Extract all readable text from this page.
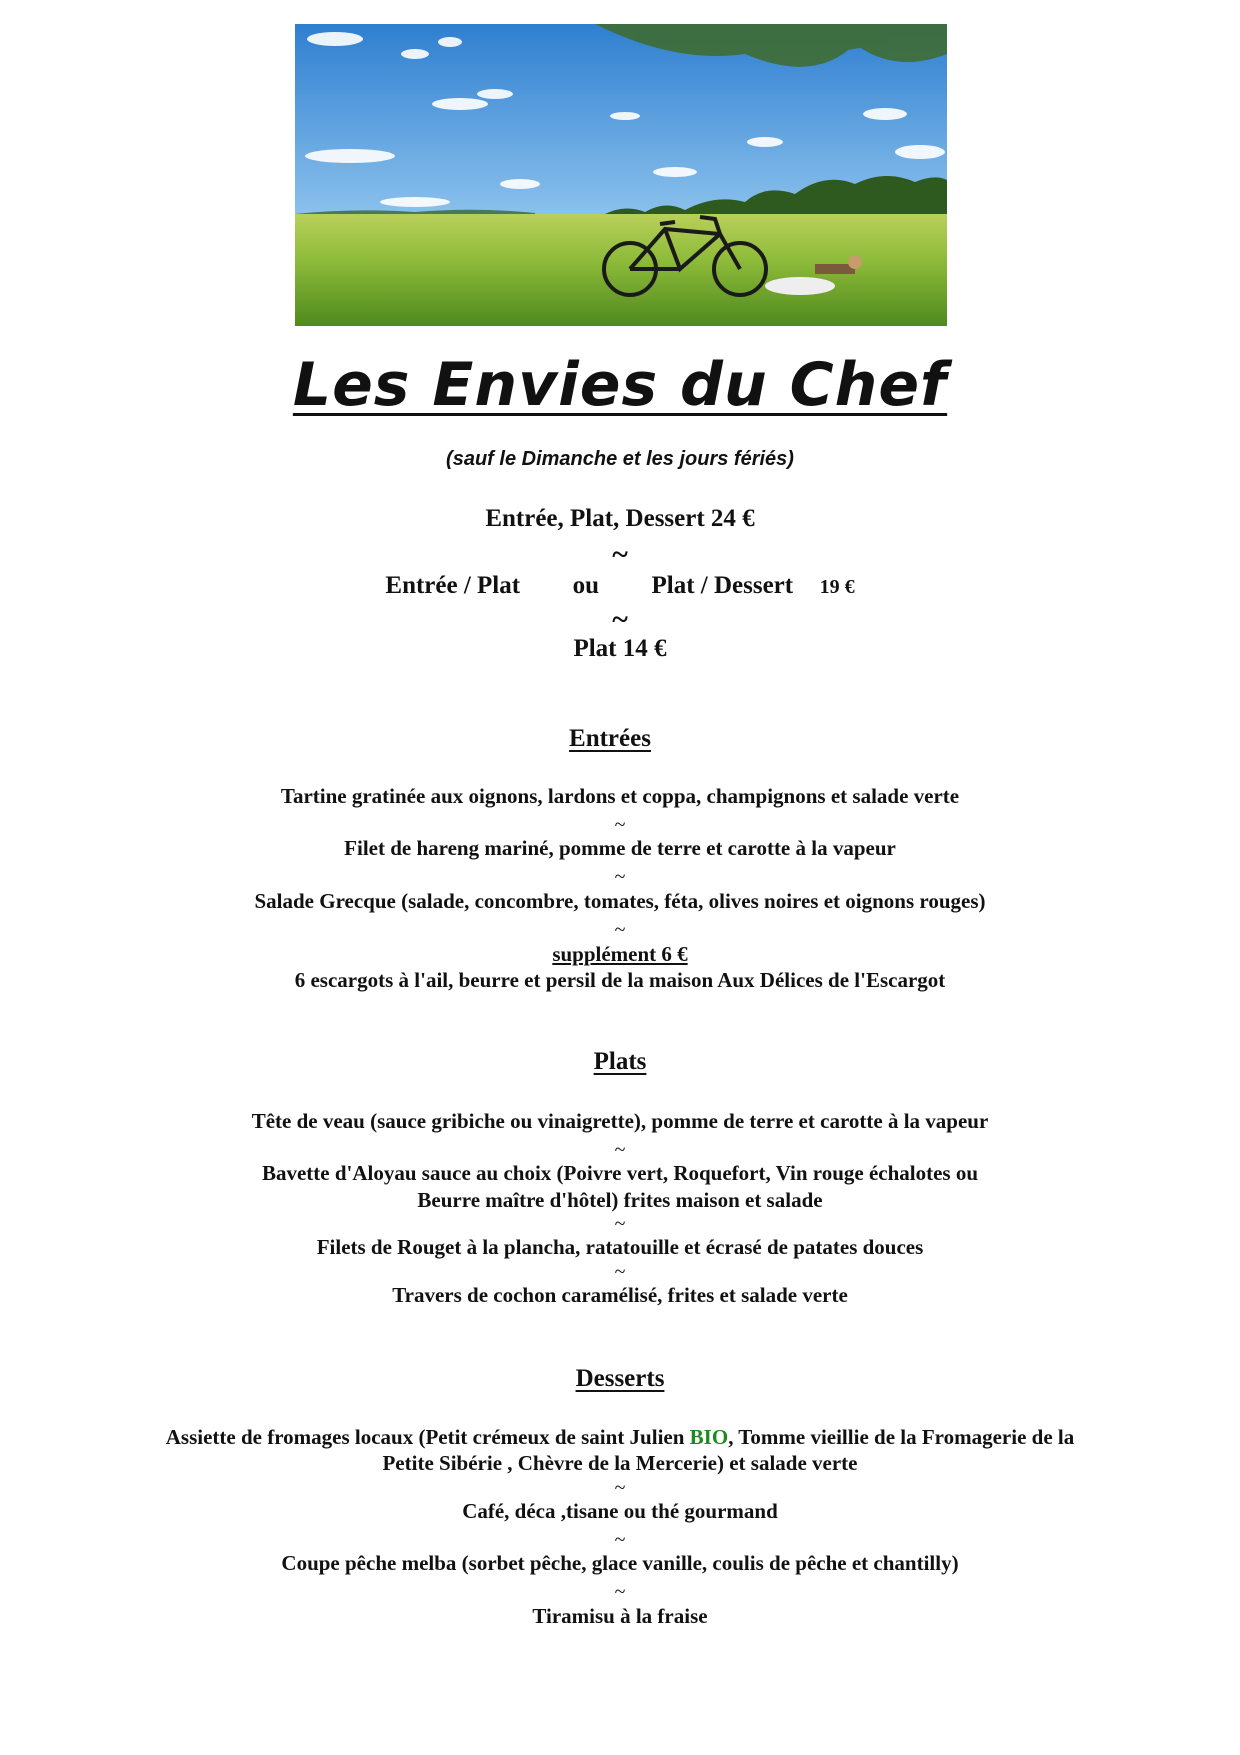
Les Envies du Chef
(sauf le Dimanche et les jours fériés)
Entrée, Plat, Dessert 24 €
~
Entrée / Plat ou Plat / Dessert 19 €
~
Plat 14 €
Entrées
Tartine gratinée aux oignons, lardons et coppa, champignons et salade verte
~
Filet de hareng mariné, pomme de terre et carotte à la vapeur
~
Salade Grecque (salade, concombre, tomates, féta, olives noires et oignons rouges)
~
supplément 6 €
6 escargots à l'ail, beurre et persil de la maison Aux Délices de l'Escargot
Plats
Tête de veau (sauce gribiche ou vinaigrette), pomme de terre et carotte à la vapeur
~
Bavette d'Aloyau sauce au choix (Poivre vert, Roquefort, Vin rouge échalotes ou
Beurre maître d'hôtel) frites maison et salade
~
Filets de Rouget à la plancha, ratatouille et écrasé de patates douces
~
Travers de cochon caramélisé, frites et salade verte
Desserts
Assiette de fromages locaux (Petit crémeux de saint Julien BIO, Tomme vieillie de la Fromagerie de la
Petite Sibérie , Chèvre de la Mercerie) et salade verte
~
Café, déca ,tisane ou thé gourmand
~
Coupe pêche melba (sorbet pêche, glace vanille, coulis de pêche et chantilly)
~
Tiramisu à la fraise
